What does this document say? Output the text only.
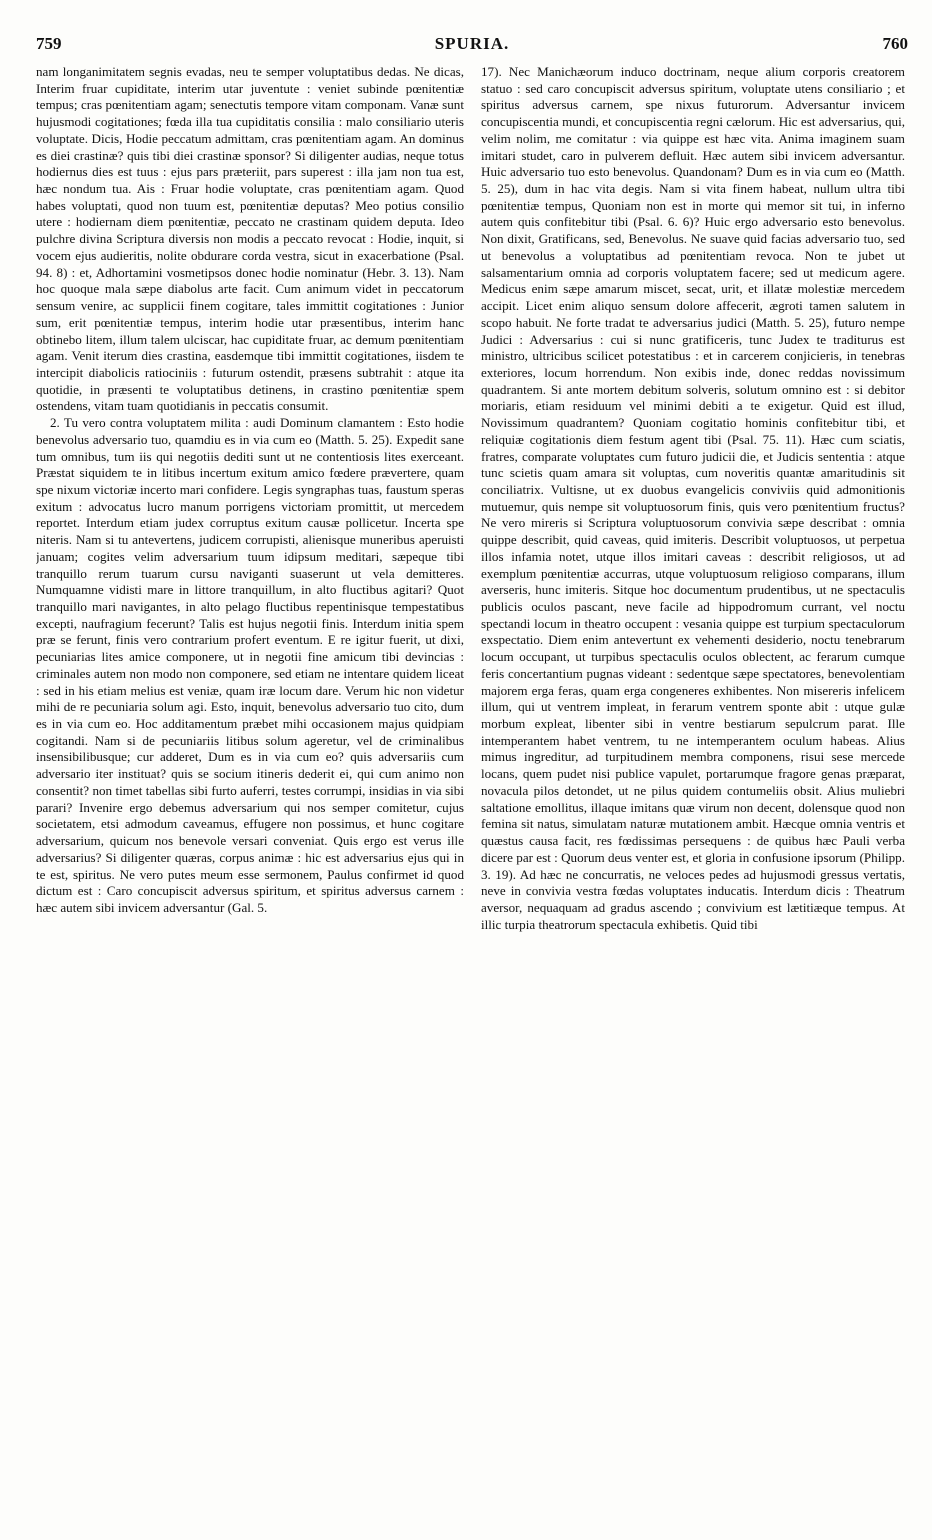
759	SPURIA.	760

nam longanimitatem segnis evadas, neu te semper voluptatibus dedas. Ne dicas, Interim fruar cupiditate, interim utar juventute : veniet subinde pœnitentiæ tempus; cras pœnitentiam agam; senectutis tempore vitam componam. Vanæ sunt hujusmodi cogitationes; fœda illa tua cupiditatis consilia : malo consiliario uteris voluptate. Dicis, Hodie peccatum admittam, cras pœnitentiam agam. An dominus es diei crastinæ? quis tibi diei crastinæ sponsor? Si diligenter audias, neque totus hodiernus dies est tuus : ejus pars præteriit, pars superest : illa jam non tua est, hæc nondum tua. Ais : Fruar hodie voluptate, cras pœnitentiam agam. Quod habes voluptati, quod non tuum est, pœnitentiæ deputas? Meo potius consilio utere : hodiernam diem pœnitentiæ, peccato ne crastinam quidem deputa. Ideo pulchre divina Scriptura diversis non modis a peccato revocat : Hodie, inquit, si vocem ejus audieritis, nolite obdurare corda vestra, sicut in exacerbatione (Psal. 94. 8) : et, Adhortamini vosmetipsos donec hodie nominatur (Hebr. 3. 13). Nam hoc quoque mala sæpe diabolus arte facit. Cum animum videt in peccatorum sensum venire, ac supplicii finem cogitare, tales immittit cogitationes : Junior sum, erit pœnitentiæ tempus, interim hodie utar præsentibus, interim hanc obtinebo litem, illum talem ulciscar, hac cupiditate fruar, ac demum pœnitentiam agam. Venit iterum dies crastina, easdemque tibi immittit cogitationes, iisdem te intercipit diabolicis ratiociniis : futurum ostendit, præsens subtrahit : atque ita quotidie, in præsenti te voluptatibus detinens, in crastino pœnitentiæ spem ostendens, vitam tuam quotidianis in peccatis consumit.

2. Tu vero contra voluptatem milita : audi Dominum clamantem : Esto hodie benevolus adversario tuo, quamdiu es in via cum eo (Matth. 5. 25). Expedit sane tum omnibus, tum iis qui negotiis dediti sunt ut ne contentiosis lites exerceant. Præstat siquidem te in litibus incertum exitum amico fœdere prævertere, quam spe nixum victoriæ incerto mari confidere. Legis syngraphas tuas, faustum speras exitum : advocatus lucro manum porrigens victoriam promittit, ut mercedem reportet. Interdum etiam judex corruptus exitum causæ pollicetur. Incerta spe niteris. Nam si tu antevertens, judicem corrupisti, alienisque muneribus aperuisti januam; cogites velim adversarium tuum idipsum meditari, sæpeque tibi tranquillo rerum tuarum cursu naviganti suaserunt ut vela demitteres. Numquamne vidisti mare in littore tranquillum, in alto fluctibus agitari? Quot tranquillo mari navigantes, in alto pelago fluctibus repentinisque tempestatibus excepti, naufragium fecerunt? Talis est hujus negotii finis. Interdum initia spem præ se ferunt, finis vero contrarium profert eventum. E re igitur fuerit, ut dixi, pecuniarias lites amice componere, ut in negotii fine amicum tibi devincias : criminales autem non modo non componere, sed etiam ne intentare quidem liceat : sed in his etiam melius est veniæ, quam iræ locum dare. Verum hic non videtur mihi de re pecuniaria solum agi. Esto, inquit, benevolus adversario tuo cito, dum es in via cum eo. Hoc additamentum præbet mihi occasionem majus quidpiam cogitandi. Nam si de pecuniariis litibus solum ageretur, vel de criminalibus insensibilibusque; cur adderet, Dum es in via cum eo? quis adversariis cum adversario iter instituat? quis se socium itineris dederit ei, qui cum animo non consentit? non timet tabellas sibi furto auferri, testes corrumpi, insidias in via sibi parari? Invenire ergo debemus adversarium qui nos semper comitetur, cujus societatem, etsi admodum caveamus, effugere non possimus, et hunc cogitare adversarium, quicum nos benevole versari conveniat. Quis ergo est verus ille adversarius? Si diligenter quæras, corpus animæ : hic est adversarius ejus qui in te est, spiritus. Ne vero putes meum esse sermonem, Paulus confirmet id quod dictum est : Caro concupiscit adversus spiritum, et spiritus adversus carnem : hæc autem sibi invicem adversantur (Gal. 5.

17). Nec Manichæorum induco doctrinam, neque alium corporis creatorem statuo : sed caro concupiscit adversus spiritum, voluptate utens consiliario ; et spiritus adversus carnem, spe nixus futurorum. Adversantur invicem concupiscentia mundi, et concupiscentia regni cælorum. Hic est adversarius, qui, velim nolim, me comitatur : via quippe est hæc vita. Anima imaginem suam imitari studet, caro in pulverem defluit. Hæc autem sibi invicem adversantur. Huic adversario tuo esto benevolus. Quandonam? Dum es in via cum eo (Matth. 5. 25), dum in hac vita degis. Nam si vita finem habeat, nullum ultra tibi pœnitentiæ tempus, Quoniam non est in morte qui memor sit tui, in inferno autem quis confitebitur tibi (Psal. 6. 6)? Huic ergo adversario esto benevolus. Non dixit, Gratificans, sed, Benevolus. Ne suave quid facias adversario tuo, sed ut benevolus a voluptatibus ad pœnitentiam revoca. Non te jubet ut salsamentarium omnia ad corporis voluptatem facere; sed ut medicum agere. Medicus enim sæpe amarum miscet, secat, urit, et illatæ molestiæ mercedem accipit. Licet enim aliquo sensum dolore affecerit, ægroti tamen salutem in scopo habuit. Ne forte tradat te adversarius judici (Matth. 5. 25), futuro nempe Judici : Adversarius : cui si nunc gratificeris, tunc Judex te traditurus est ministro, ultricibus scilicet potestatibus : et in carcerem conjicieris, in tenebras exteriores, locum horrendum. Non exibis inde, donec reddas novissimum quadrantem. Si ante mortem debitum solveris, solutum omnino est : si debitor moriaris, etiam residuum vel minimi debiti a te exigetur. Quid est illud, Novissimum quadrantem? Quoniam cogitatio hominis confitebitur tibi, et reliquiæ cogitationis diem festum agent tibi (Psal. 75. 11). Hæc cum sciatis, fratres, comparate voluptates cum futuro judicii die, et Judicis sententia : atque tunc scietis quam amara sit voluptas, cum noveritis quantæ amaritudinis sit conciliatrix. Vultisne, ut ex duobus evangelicis conviviis quid admonitionis mutuemur, quis nempe sit voluptuosorum finis, quis vero pœnitentium fructus? Ne vero mireris si Scriptura voluptuosorum convivia sæpe describat : omnia quippe describit, quid caveas, quid imiteris. Describit voluptuosos, ut perpetua illos infamia notet, utque illos imitari caveas : describit religiosos, ut ad exemplum pœnitentiæ accurras, utque voluptuosum religioso comparans, illum averseris, hunc imiteris. Sitque hoc documentum prudentibus, ut ne spectaculis publicis oculos pascant, neve facile ad hippodromum currant, vel noctu spectandi locum in theatro occupent : vesania quippe est turpium spectaculorum exspectatio. Diem enim antevertunt ex vehementi desiderio, noctu tenebrarum locum occupant, ut turpibus spectaculis oculos oblectent, ac ferarum cumque feris concertantium pugnas videant : sedentque sæpe spectatores, benevolentiam majorem erga feras, quam erga congeneres exhibentes. Non misereris infelicem illum, qui ut ventrem impleat, in ferarum ventrem sponte abit : utque gulæ morbum expleat, libenter sibi in ventre bestiarum sepulcrum parat. Ille intemperantem habet ventrem, tu ne intemperantem oculum habeas. Alius mimus ingreditur, ad turpitudinem membra componens, risui sese mercede locans, quem pudet nisi publice vapulet, portarumque fragore genas præparat, novacula pilos detondet, ut ne pilus quidem contumeliis obsit. Alius muliebri saltatione emollitus, illaque imitans quæ virum non decent, dolensque quod non femina sit natus, simulatam naturæ mutationem ambit. Hæcque omnia ventris et quæstus causa facit, res fœdissimas persequens : de quibus hæc Pauli verba dicere par est : Quorum deus venter est, et gloria in confusione ipsorum (Philipp. 3. 19). Ad hæc ne concurratis, ne veloces pedes ad hujusmodi gressus vertatis, neve in convivia vestra fœdas voluptates inducatis. Interdum dicis : Theatrum aversor, nequaquam ad gradus ascendo ; convivium est lætitiæque tempus. At illic turpia theatrorum spectacula exhibetis. Quid tibi
